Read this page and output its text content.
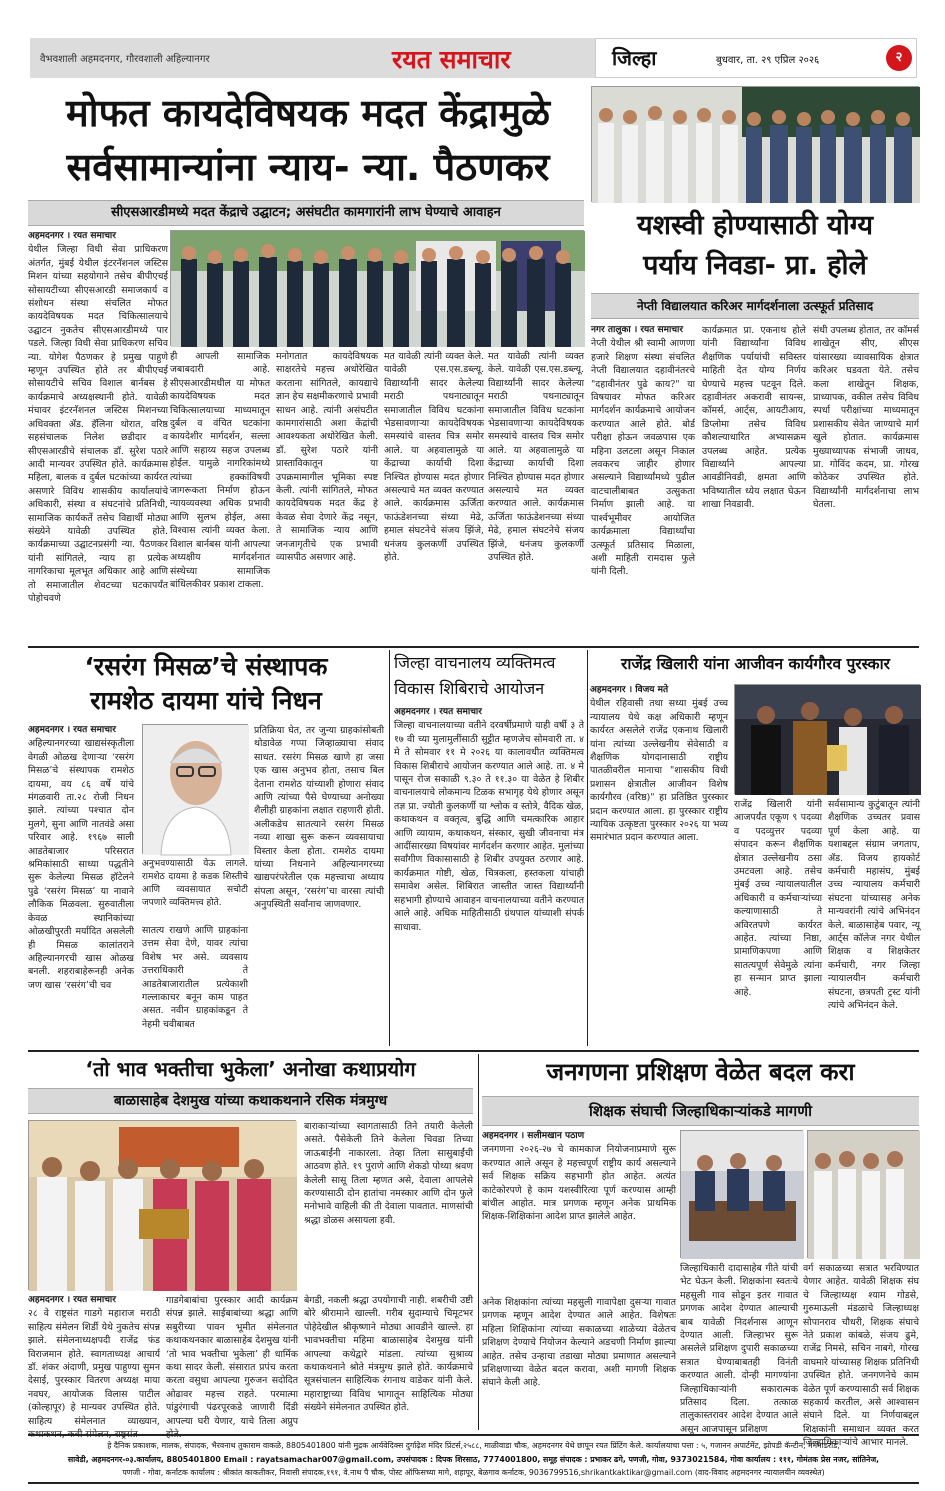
वैभवशाली अहमदनगर, गौरवशाली अहिल्यानगर	रयत समाचार	जिल्हा	बुधवार, ता. २९ एप्रिल २०२६	२
मोफत कायदेविषयक मदत केंद्रामुळे
सर्वसामान्यांना न्याय- न्या. पैठणकर
सीएसआरडीमध्ये मदत केंद्राचे उद्घाटन; असंघटीत कामगारांनी लाभ घेण्याचे आवाहन
अहमदनगर । रयत समाचार
येथील जिल्हा विधी सेवा प्राधिकरण अंतर्गत, मुंबई येथील इंटरनॅशनल जस्टिस मिशन यांच्या सहयोगाने तसेच बीपीएचई सोसायटीच्या सीएसआरडी समाजकार्य व संशोधन संस्था संचलित मोफत कायदेविषयक मदत चिकित्सालयाचे उद्घाटन नुकतेच सीएसआरडीमध्ये पार पडले. जिल्हा विधी सेवा प्राधिकरण सचिव न्या. योगेश पैठणकर हे प्रमुख पाहुणे म्हणून उपस्थित होते तर बीपीएचई सोसायटीचे सचिव विशाल बार्नबस हे कार्यक्रमाचे अध्यक्षस्थानी होते. यावेळी मंचावर इंटरनॅशनल जस्टिस मिशनच्या अधिवक्ता ॲड. हॅलिना थोरात, वरिष्ठ सहसंचालक निलेश छडीदार व सीएसआरडीचे संचालक डॉ. सुरेश पठारे आदी मान्यवर उपस्थित होते. कार्यक्रमास महिला, बालक व दुर्बल घटकांच्या कार्यरत असणारे विविध शासकीय कार्यालयांचे अधिकारी, संस्था व संघटनांचे प्रतिनिधी, सामाजिक कार्यकर्ते तसेच विद्यार्थी मोठ्या संख्येने यावेळी उपस्थित होते. कार्यक्रमाच्या उद्घाटनप्रसंगी न्या. पैठणकर यांनी सांगितले, न्याय हा प्रत्येक नागरिकाचा मूलभूत अधिकार आहे आणि तो समाजातील शेवटच्या घटकापर्यंत पोहोचवणे
ही आपली सामाजिक जबाबदारी आहे. सीएसआरडीमधील या मोफत कायदेविषयक मदत चिकित्सालयाच्या माध्यमातून दुर्बल व वंचित घटकांना कायदेशीर मार्गदर्शन, सल्ला आणि सहाय्य सहज उपलब्ध होईल. यामुळे नागरिकांमध्ये त्यांच्या हक्कांविषयी जागरूकता निर्माण होऊन न्यायव्यवस्था अधिक प्रभावी आणि सुलभ होईल, असा विश्वास त्यांनी व्यक्त केला. विशाल बार्नबस यांनी आपल्या अध्यक्षीय मार्गदर्शनात संस्थेच्या सामाजिक बांधिलकीवर प्रकाश टाकला.
मनोगतात कायदेविषयक साक्षरतेचे महत्त्व अधोरेखित करताना सांगितले, कायद्याचे ज्ञान हेच सक्षमीकरणाचे प्रभावी साधन आहे. त्यांनी असंघटीत कामगारांसाठी अशा केंद्रांची आवश्यकता अधोरेखित केली. डॉ. सुरेश पठारे यांनी प्रास्ताविकातून या उपक्रमामागील भूमिका स्पष्ट केली. त्यांनी सांगितले, मोफत कायदेविषयक मदत केंद्र हे केवळ सेवा देणारे केंद्र नसून, ते सामाजिक न्याय आणि जनजागृतीचे एक प्रभावी व्यासपीठ असणार आहे.
मत यावेळी त्यांनी व्यक्त केले. यावेळी एस.एस.डब्ल्यू. विद्यार्थ्यांनी सादर केलेल्या मराठी पथनाट्यातून समाजातील विविध घटकांना भेडसावणाऱ्या कायदेविषयक समस्यांचे वास्तव चित्र समोर आले. या अहवालामुळे या केंद्राच्या कार्याची दिशा निश्चित होण्यास मदत होणार असल्याचे मत व्यक्त करण्यात आले. कार्यक्रमास ऊर्जिता फाऊंडेशनच्या संध्या मेढे, हमाल संघटनेचे संजय झिंजे, धनंजय कुलकर्णी उपस्थित होते.
मत यावेळी त्यांनी व्यक्त केले. यावेळी एस.एस.डब्ल्यू. विद्यार्थ्यांनी सादर केलेल्या मराठी पथनाट्यातून समाजातील विविध घटकांना भेडसावणाऱ्या कायदेविषयक समस्यांचे वास्तव चित्र समोर आले. या अहवालामुळे या केंद्राच्या कार्याची दिशा निश्चित होण्यास मदत होणार असल्याचे मत व्यक्त करण्यात आले. कार्यक्रमास ऊर्जिता फाऊंडेशनच्या संध्या मेढे, हमाल संघटनेचे संजय झिंजे, धनंजय कुलकर्णी उपस्थित होते.
यशस्वी होण्यासाठी योग्य
पर्याय निवडा- प्रा. होले
नेप्ती विद्यालयात करिअर मार्गदर्शनाला उत्स्फूर्त प्रतिसाद
नगर तालुका । रयत समाचार
नेप्ती येथील श्री स्वामी आणणा हजारे शिक्षण संस्था संचलित नेप्ती विद्यालयात दहावीनंतरचे "दहावीनंतर पुढे काय?" या विषयावर मोफत करिअर मार्गदर्शन कार्यक्रमाचे आयोजन करण्यात आले होते. बोर्ड परीक्षा होऊन जवळपास एक महिना उलटला असून निकाल लवकरच जाहीर होणार असल्याने विद्यार्थ्यांमध्ये पुढील वाटचालीबाबत उत्सुकता निर्माण झाली आहे. या पार्श्वभूमीवर आयोजित कार्यक्रमाला विद्यार्थ्यांचा उत्स्फूर्त प्रतिसाद मिळाला, अशी माहिती रामदास फुले यांनी दिली.
कार्यक्रमात प्रा. एकनाथ होले यांनी विद्यार्थ्यांना विविध शैक्षणिक पर्यायांची सविस्तर माहिती देत योग्य निर्णय घेण्याचे महत्त्व पटवून दिले. दहावीनंतर अकरावी सायन्स, कॉमर्स, आर्ट्स, आयटीआय, डिप्लोमा तसेच विविध कौशल्याधारित अभ्यासक्रम उपलब्ध आहेत. प्रत्येक विद्यार्थ्याने आपल्या आवडीनिवडी, क्षमता आणि भविष्यातील ध्येय लक्षात घेऊन शाखा निवडावी.
संधी उपलब्ध होतात, तर कॉमर्स शाखेतून सीए, सीएस यांसारख्या व्यावसायिक क्षेत्रात करिअर घडवता येते. तसेच कला शाखेतून शिक्षक, प्राध्यापक, वकील तसेच विविध स्पर्धा परीक्षांच्या माध्यमातून प्रशासकीय सेवेत जाण्याचे मार्ग खुले होतात. कार्यक्रमास मुख्याध्यापक संभाजी जाधव, प्रा. गोविंद कदम, प्रा. गोरख कोठेकर उपस्थित होते. विद्यार्थ्यांनी मार्गदर्शनाचा लाभ घेतला.
‘रसरंग मिसळ’चे संस्थापक
रामशेठ दायमा यांचे निधन
अहमदनगर । रयत समाचार
अहिल्यानगरच्या खाद्यसंस्कृतीला वेगळी ओळख देणाऱ्या ‘रसरंग मिसळ’चे संस्थापक रामशेठ दायमा, वय ८६ वर्षे यांचे मंगळवारी ता.२८ रोजी निधन झाले. त्यांच्या पश्चात दोन मुलगे, सुना आणि नातवंडे असा परिवार आहे. १९६७ साली आडतेबाजार परिसरात श्रमिकांसाठी साध्या पद्धतीने सुरू केलेल्या मिसळ हॉटेलने पुढे ‘रसरंग मिसळ’ या नावाने लौकिक मिळवला. सुरुवातीला केवळ स्थानिकांच्या ओळखीपुरती मर्यादित असलेली ही मिसळ कालांतराने अहिल्यानगरची खास ओळख बनली. शहराबाहेरूनही अनेक जण खास ‘रसरंग’ची चव
अनुभवण्यासाठी येऊ लागले. रामशेठ दायमा हे कडक शिस्तीचे आणि व्यवसायात सचोटी जपणारे व्यक्तिमत्त्व होते.
सातत्य राखणे आणि ग्राहकांना उत्तम सेवा देणे, यावर त्यांचा विशेष भर असे. व्यवसाय उत्तराधिकारी ते आडतेबाजारातील प्रत्येकाशी गल्लाकाचर बनून काम पाहत असत. नवीन ग्राहकांकडून ते नेहमी चवीबाबत
प्रतिक्रिया घेत, तर जुन्या ग्राहकांसोबती थोडावेळ गप्पा जिव्हाळ्याचा संवाद साधत. रसरंग मिसळ खाणे हा जसा एक खास अनुभव होता, तसाच बिल देताना रामशेठ यांच्याशी होणारा संवाद आणि त्यांच्या पैसे घेण्याच्या अनोख्या शैलीही ग्राहकांना लक्षात राहणारी होती. अलीकडेच सातत्याने रसरंग मिसळ नव्या शाखा सुरू करून व्यवसायाचा विस्तार केला होता. रामशेठ दायमा यांच्या निधनाने अहिल्यानगरच्या खाद्यपरंपरेतील एक महत्त्वाचा अध्याय संपला असून, ‘रसरंग’चा वारसा त्यांची अनुपस्थिती सर्वांनाच जाणवणार.
जिल्हा वाचनालय व्यक्तिमत्व
विकास शिबिराचे आयोजन
अहमदनगर । रयत समाचार
जिल्हा वाचनालयाच्या वतीने दरवर्षीप्रमाणे याही वर्षी ३ ते १७ वी च्या मुलामुलींसाठी सुट्टीत म्हणजेच सोमवारी ता. ४ मे ते सोमवार ११ मे २०२६ या कालावधीत व्यक्तिमत्व विकास शिबीराचे आयोजन करण्यात आले आहे. ता. ४ मे पासून रोज सकाळी ९.३० ते ११.३० या वेळेत हे शिबीर वाचनालयाचे लोकमान्य टिळक सभागृह येथे होणार असून तज्ञ प्रा. ज्योती कुलकर्णी या श्लोक व स्तोत्रे, वैदिक खेळ, कथाकथन व वक्तृत्व, बुद्धि आणि चमत्कारिक आहार आणि व्यायाम, कथाकथन, संस्कार, सुखी जीवनाचा मंत्र आदींसारख्या विषयांवर मार्गदर्शन करणार आहेत. मुलांच्या सर्वांगीण विकासासाठी हे शिबीर उपयुक्त ठरणार आहे. कार्यक्रमात गोष्टी, खेळ, चित्रकला, हस्तकला यांचाही समावेश असेल. शिबिरात जास्तीत जास्त विद्यार्थ्यांनी सहभागी होण्याचे आवाहन वाचनालयाच्या वतीने करण्यात आले आहे. अधिक माहितीसाठी ग्रंथपाल यांच्याशी संपर्क साधावा.
राजेंद्र खिलारी यांना आजीवन कार्यगौरव पुरस्कार
अहमदनगर । विजय मते
येथील रहिवासी तथा सध्या मुंबई उच्च न्यायालय येथे कक्ष अधिकारी म्हणून कार्यरत असलेले राजेंद्र एकनाथ खिलारी यांना त्यांच्या उल्लेखनीय सेवेसाठी व शैक्षणिक योगदानासाठी राष्ट्रीय पातळीवरील मानाचा "शासकीय विधी प्रशासन क्षेत्रातील आजीवन विशेष कार्यगौरव (वरिष्ठ)" हा प्रतिष्ठित पुरस्कार प्रदान करण्यात आला. हा पुरस्कार राष्ट्रीय न्यायिक उत्कृष्टता पुरस्कार २०२६ या भव्य समारंभात प्रदान करण्यात आला.
राजेंद्र खिलारी यांनी आजपर्यंत एकूण ९ पदव्या व पदव्युत्तर पदव्या संपादन करून शैक्षणिक क्षेत्रात उल्लेखनीय ठसा उमटवला आहे. तसेच मुंबई उच्च न्यायालयातील अधिकारी व कर्मचाऱ्यांच्या कल्याणासाठी ते अविरतपणे कार्यरत आहेत. त्यांच्या निष्ठा, प्रामाणिकपणा आणि सातत्यपूर्ण सेवेमुळे त्यांना हा सन्मान प्राप्त झाला आहे.
सर्वसामान्य कुटुंबातून त्यांनी शैक्षणिक उच्चतर प्रवास पूर्ण केला आहे. या यशाबद्दल संग्राम जगताप, ॲड. विजय हायकोर्ट कर्मचारी महासंघ, मुंबई उच्च न्यायालय कर्मचारी संघटना यांच्यासह अनेक मान्यवरांनी त्यांचे अभिनंदन केले. बाळासाहेब पवार, न्यू आर्ट्स कॉलेज नगर येथील शिक्षक व शिक्षकेतर कर्मचारी, नगर जिल्हा न्यायालयीन कर्मचारी संघटना, छत्रपती ट्रस्ट यांनी त्यांचे अभिनंदन केले.
‘तो भाव भक्तीचा भुकेला’ अनोखा कथाप्रयोग
बाळासाहेब देशमुख यांच्या कथाकथनाने रसिक मंत्रमुग्ध
बाराकाऱ्यांच्या स्वागतासाठी तिने तयारी केलेली असते. पैसेकेली तिने केलेला चिवडा तिच्या जाऊबाईंनी नाकारला. तेव्हा तिला सासुबाईंची आठवण होते. १९ पुराणे आणि शेकडो पोथ्या श्रवण केलेली सासू तिला म्हणत असे, देवाला आपलेसे करण्यासाठी दोन हातांचा नमस्कार आणि दोन फुले मनोभावे वाहिली की ती देवाला पावतात. माणसांची श्रद्धा डोळस असायला हवी.
अहमदनगर । रयत समाचार
२८ वे राष्ट्रसंत गाडगे महाराज मराठी साहित्य संमेलन शिर्डी येथे नुकतेच संपन्न झाले. संमेलनाध्यक्षपदी राजेंद्र फंड विराजमान होते. स्वागताध्यक्ष आचार्य डॉ. शंकर अंदाणी, प्रमुख पाहुण्या सुमन देसाई, पुरस्कार वितरण अध्यक्ष माया नवघर, आयोजक विलास पाटील (कोल्हापूर) हे मान्यवर उपस्थित होते. साहित्य संमेलनात व्याख्यान, कथाकथन, कवी संमेलन, राष्ट्रसंत
गाडगेबाबांचा पुरस्कार आदी कार्यक्रम संपन्न झाले. साईबाबांच्या श्रद्धा आणि सबुरीच्या पावन भूमीत संमेलनात कथाकथनकार बाळासाहेब देशमुख यांनी ‘तो भाव भक्तीचा भुकेला’ ही धार्मिक कथा सादर केली. संसारात प्रपंच करता करता वसुधा आपल्या गुरुजन सदोदित ओढावर महत्त्व राहते. परमात्मा पांडुरंगाची पंढरपूरकडे जाणारी दिंडी आपल्या घरी येणार, याचे तिला अप्रुप होते.
बेगडी, नकली श्रद्धा उपयोगाची नाही. शबरीची उष्टी बोरे श्रीरामाने खाल्ली. गरीब सुदाम्याचे चिमूटभर पोहेदेखील श्रीकृष्णाने मोठ्या आवडीने खाल्ले. हा भावभक्तीचा महिमा बाळासाहेब देशमुख यांनी आपल्या कथेद्वारे मांडला. त्यांच्या सुश्राव्य कथाकथनाने श्रोते मंत्रमुग्ध झाले होते. कार्यक्रमाचे सूत्रसंचालन साहित्यिक रंगनाथ वाडेकर यांनी केले. महाराष्ट्राच्या विविध भागातून साहित्यिक मोठ्या संख्येने संमेलनात उपस्थित होते.
जनगणना प्रशिक्षण वेळेत बदल करा
शिक्षक संघाची जिल्हाधिकाऱ्यांकडे मागणी
अहमदनगर । सलीमखान पठाण
जनगणना २०२६-२७ चे कामकाज नियोजनाप्रमाणे सुरू करण्यात आले असून हे महत्त्वपूर्ण राष्ट्रीय कार्य असल्याने सर्व शिक्षक सक्रिय सहभागी होत आहेत. अत्यंत काटेकोरपणे हे काम यशस्वीरित्या पूर्ण करण्यास आम्ही बांधील आहोत. मात्र प्रगणक म्हणून अनेक प्राथमिक शिक्षक-शिक्षिकांना आदेश प्राप्त झालेले आहेत.
अनेक शिक्षकांना त्यांच्या महसुली गावापेक्षा दुसऱ्या गावात प्रगणक म्हणून आदेश देण्यात आले आहेत. विशेषतः महिला शिक्षिकांना त्यांच्या सकाळच्या शाळेच्या वेळेतच प्रशिक्षण देण्याचे नियोजन केल्याने अडचणी निर्माण झाल्या आहेत. तसेच उन्हाचा तडाखा मोठ्या प्रमाणात असल्याने प्रशिक्षणाच्या वेळेत बदल करावा, अशी मागणी शिक्षक संघाने केली आहे.
जिल्हाधिकारी दादासाहेब गीते यांची भेट घेऊन केली. शिक्षकांना स्वतःचे महसुली गाव सोडून इतर गावात प्रगणक आदेश देण्यात आल्याची बाब यावेळी निदर्शनास आणून देण्यात आली. जिल्हाभर सुरू असलेले प्रशिक्षण दुपारी सकाळच्या सत्रात घेण्याबाबतही विनंती करण्यात आली. दोन्ही मागण्यांना जिल्हाधिकाऱ्यांनी सकारात्मक प्रतिसाद दिला. तत्काळ तालुकास्तरावर आदेश देण्यात आले असून आजपासून प्रशिक्षण
वर्ग सकाळच्या सत्रात भरविण्यात येणार आहेत. यावेळी शिक्षक संघ चे जिल्हाध्यक्ष श्याम गोडसे, गुरुमाऊली मंडळाचे जिल्हाध्यक्ष सोपानराव चौधरी, शिक्षक संघाचे नेते प्रकाश कांबळे, संजय ढुमे, राजेंद्र निमसे, सचिन नाबगे, गोरख वाघमारे यांच्यासह शिक्षक प्रतिनिधी उपस्थित होते. जनगणनेचे काम वेळेत पूर्ण करण्यासाठी सर्व शिक्षक सहकार्य करतील, असे आश्वासन संघाने दिले. या निर्णयाबद्दल शिक्षकांनी समाधान व्यक्त करत जिल्हाधिकाऱ्यांचे आभार मानले.
हे दैनिक प्रकाशक, मालक, संपादक, भैरवनाथ तुकाराम वाकळे, 8805401800 यांनी मुद्रक आर्यवेदिक्स दुर्गाढ़ेश मंदिर प्रिंटर्स,२५८८, माळीवाडा चौक, अहमदनगर येथे छापून रयत प्रिंटिंग केले. कार्यालयाचा पत्ता : ५, गजानन अपार्टमेंट, झोपडी कॅन्टीन, मनमाडरोड,
सावेडी, अहमदनगर-०३.कार्यालय, 8805401800 Email : rayatsamachar007@gmail.com, उपसंपादक : दिपक शिरसाठ, 7774001800, समूह संपादक : प्रभाकर ढगे, पणजी, गोवा, 9373021584, गोवा कार्यालय : १११, गोमंतक प्रेस नजर, सांतिनेज,
पणजी - गोवा, कर्नाटक कार्यालय : श्रीकांत काकतीकर, निवासी संपादक,१९१, वे.नाथ पै चौक, पोस्ट ऑफिसच्या मागे, शहापूर, बेळगाव कर्नाटक, 9036799516,shrikantkaktikar@gmail.com (वाद-विवाद अहमदनगर न्यायालयीन व्यवस्थेत)
